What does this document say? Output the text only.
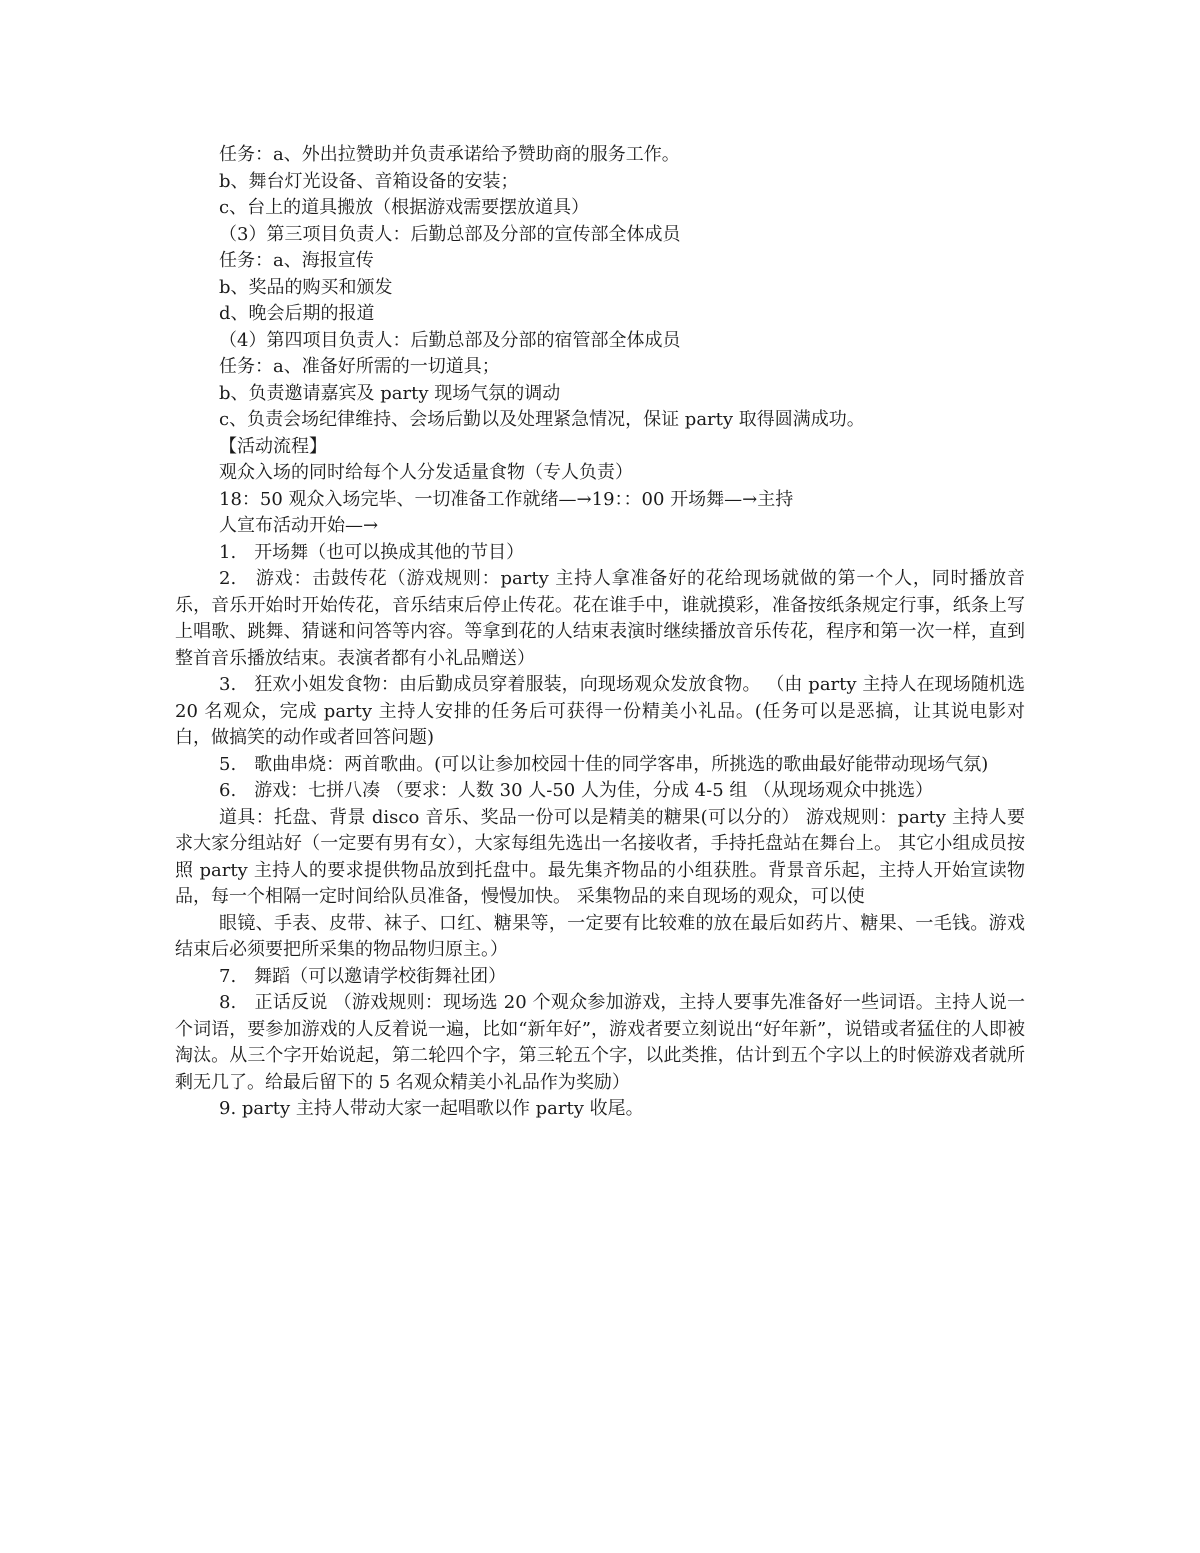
任务：a、外出拉赞助并负责承诺给予赞助商的服务工作。

b、舞台灯光设备、音箱设备的安装；

c、台上的道具搬放（根据游戏需要摆放道具）

（3）第三项目负责人：后勤总部及分部的宣传部全体成员

任务：a、海报宣传

b、奖品的购买和颁发

d、晚会后期的报道

（4）第四项目负责人：后勤总部及分部的宿管部全体成员

任务：a、准备好所需的一切道具；

b、负责邀请嘉宾及 party 现场气氛的调动

c、负责会场纪律维持、会场后勤以及处理紧急情况，保证 party 取得圆满成功。

【活动流程】

观众入场的同时给每个人分发适量食物（专人负责）

18：50 观众入场完毕、一切准备工作就绪—→19：：00 开场舞—→主持

人宣布活动开始—→

1.　开场舞（也可以换成其他的节目）

2.　游戏：击鼓传花（游戏规则：party 主持人拿准备好的花给现场就做的第一个人，同时播放音乐，音乐开始时开始传花，音乐结束后停止传花。花在谁手中，谁就摸彩，准备按纸条规定行事，纸条上写上唱歌、跳舞、猜谜和问答等内容。等拿到花的人结束表演时继续播放音乐传花，程序和第一次一样，直到整首音乐播放结束。表演者都有小礼品赠送）

3.　狂欢小姐发食物：由后勤成员穿着服装，向现场观众发放食物。 （由 party 主持人在现场随机选 20 名观众，完成 party 主持人安排的任务后可获得一份精美小礼品。(任务可以是恶搞，让其说电影对白，做搞笑的动作或者回答问题)

5.　歌曲串烧：两首歌曲。(可以让参加校园十佳的同学客串，所挑选的歌曲最好能带动现场气氛)

6.　游戏：七拼八凑 （要求：人数 30 人-50 人为佳，分成 4-5 组 （从现场观众中挑选）

道具：托盘、背景 disco 音乐、奖品一份可以是精美的糖果(可以分的） 游戏规则：party 主持人要求大家分组站好（一定要有男有女），大家每组先选出一名接收者，手持托盘站在舞台上。 其它小组成员按照 party 主持人的要求提供物品放到托盘中。最先集齐物品的小组获胜。背景音乐起，主持人开始宣读物品，每一个相隔一定时间给队员准备，慢慢加快。 采集物品的来自现场的观众，可以使

眼镜、手表、皮带、袜子、口红、糖果等，一定要有比较难的放在最后如药片、糖果、一毛钱。游戏结束后必须要把所采集的物品物归原主。）

7.　舞蹈（可以邀请学校街舞社团）

8.　正话反说 （游戏规则：现场选 20 个观众参加游戏，主持人要事先准备好一些词语。主持人说一个词语，要参加游戏的人反着说一遍，比如“新年好”，游戏者要立刻说出“好年新”，说错或者猛住的人即被淘汰。从三个字开始说起，第二轮四个字，第三轮五个字，以此类推，估计到五个字以上的时候游戏者就所剩无几了。给最后留下的 5 名观众精美小礼品作为奖励）

9. party 主持人带动大家一起唱歌以作 party 收尾。
